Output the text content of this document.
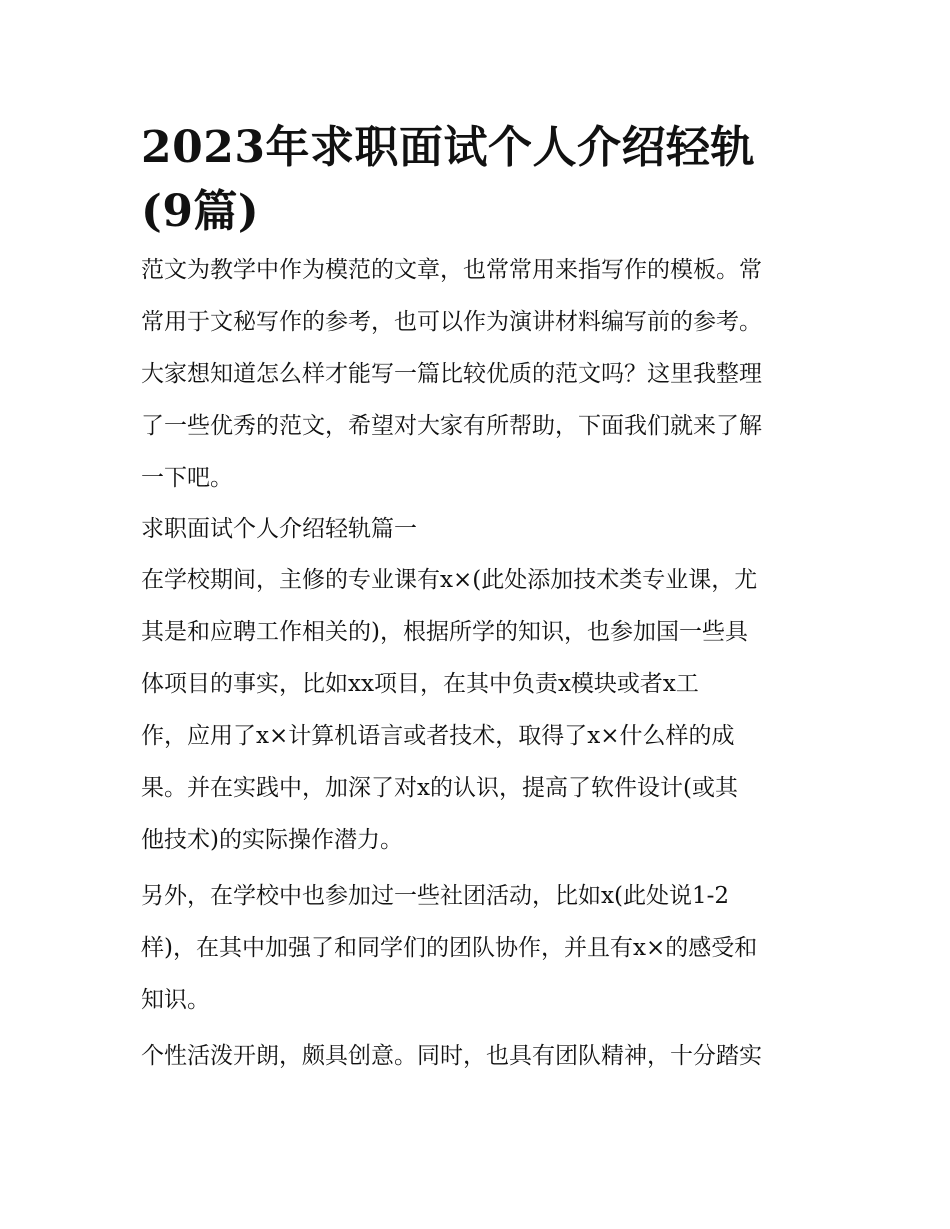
2023年求职面试个人介绍轻轨
(9篇)
范文为教学中作为模范的文章，也常常用来指写作的模板。常
常用于文秘写作的参考，也可以作为演讲材料编写前的参考。
大家想知道怎么样才能写一篇比较优质的范文吗？这里我整理
了一些优秀的范文，希望对大家有所帮助，下面我们就来了解
一下吧。
求职面试个人介绍轻轨篇一
在学校期间，主修的专业课有x×(此处添加技术类专业课，尤
其是和应聘工作相关的)，根据所学的知识，也参加国一些具
体项目的事实，比如xx项目，在其中负责x模块或者x工
作，应用了x×计算机语言或者技术，取得了x×什么样的成
果。并在实践中，加深了对x的认识，提高了软件设计(或其
他技术)的实际操作潜力。
另外，在学校中也参加过一些社团活动，比如x(此处说1-2
样)，在其中加强了和同学们的团队协作，并且有x×的感受和
知识。
个性活泼开朗，颇具创意。同时，也具有团队精神，十分踏实
